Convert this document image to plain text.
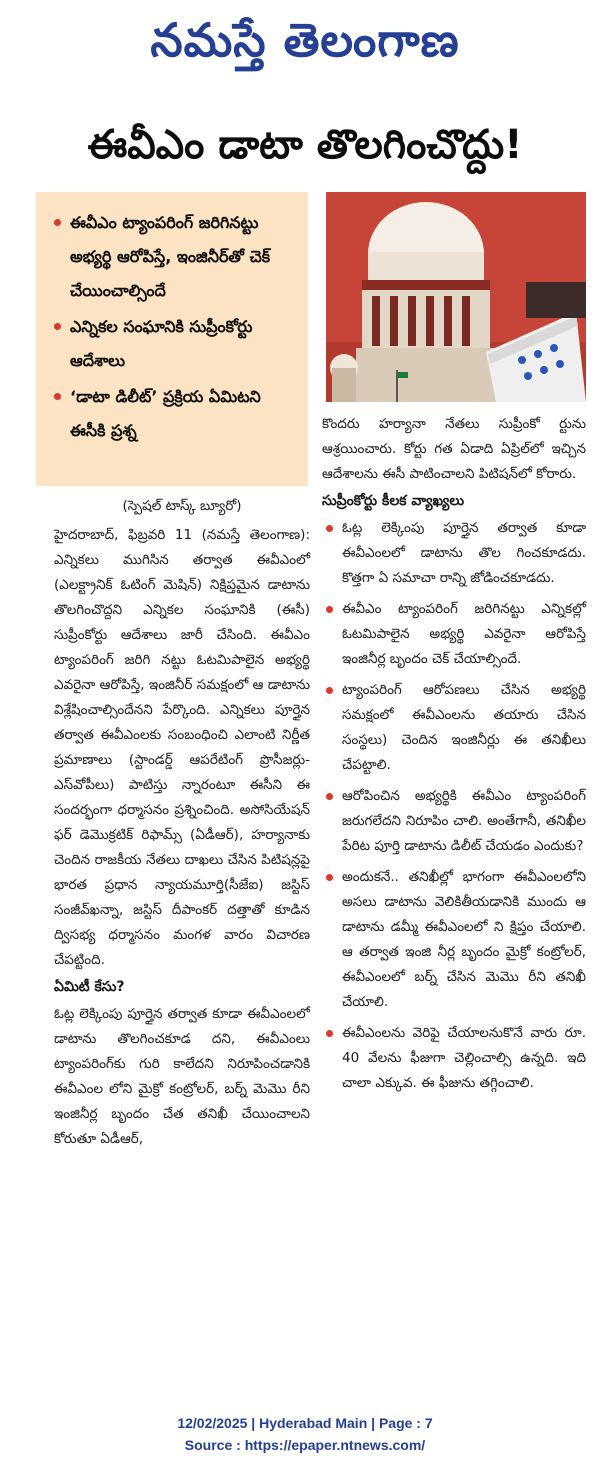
నమస్తే తెలంగాణ
ఈవీఎం డాటా తొలగించొద్దు!
ఈవీఎం ట్యాంపరింగ్ జరిగినట్టు అభ్యర్థి ఆరోపిస్తే, ఇంజినీర్‌తో చెక్ చేయించాల్సిందే
ఎన్నికల సంఘానికి సుప్రీంకోర్టు ఆదేశాలు
‘డాటా డిలీట్’ ప్రక్రియ ఏమిటని ఈసీకి ప్రశ్న

(స్పెషల్ టాస్క్ బ్యూరో)

హైదరాబాద్, ఫిబ్రవరి 11 (నమస్తే తెలంగాణ): ఎన్నికలు ముగిసిన తర్వాత ఈవీఎంలో (ఎలక్ట్రానిక్ ఓటింగ్ మెషిన్) నిక్షిప్తమైన డాటాను తొలగించొద్దని ఎన్నికల సంఘానికి (ఈసీ) సుప్రీంకోర్టు ఆదేశాలు జారీ చేసింది. ఈవీఎం ట్యాంపరింగ్ జరిగి నట్టు ఓటమిపాలైన అభ్యర్థి ఎవరైనా ఆరోపిస్తే, ఇంజినీర్ సమక్షంలో ఆ డాటాను విశ్లేషించాల్సిందేనని పేర్కొంది. ఎన్నికలు పూర్తైన తర్వాత ఈవీఎంలకు సంబంధించి ఎలాంటి నిర్ణీత ప్రమాణాలు (స్టాండర్డ్ ఆపరేటింగ్ ప్రొసీజర్లు-ఎస్‌వోపీలు) పాటిస్తు న్నారంటూ ఈసీని ఈ సందర్భంగా ధర్మాసనం ప్రశ్నించింది. అసోసియేషన్ ఫర్ డెమొక్రటిక్ రిఫామ్స్ (ఏడీఆర్), హర్యానాకు చెందిన రాజకీయ నేతలు దాఖలు చేసిన పిటిషన్లపై భారత ప్రధాన న్యాయమూర్తి(సీజేఐ) జస్టిస్ సంజీవ్‌ఖన్నా, జస్టిస్ దీపాంకర్ దత్తాతో కూడిన ద్విసభ్య ధర్మాసనం మంగళ వారం విచారణ చేపట్టింది.

ఏమిటీ కేసు?

ఓట్ల లెక్కింపు పూర్తైన తర్వాత కూడా ఈవీఎంలలో డాటాను తొలగించకూడ దని, ఈవీఎంలు ట్యాంపరింగ్‌కు గురి కాలేదని నిరూపించడానికి ఈవీఎంల లోని మైక్రో కంట్రోలర్, బర్న్ మెమొ రీని ఇంజినీర్ల బృందం చేత తనిఖీ చేయించాలని కోరుతూ ఏడీఆర్,

కొందరు హర్యానా నేతలు సుప్రీంకో ర్టును ఆశ్రయించారు. కోర్టు గత ఏడాది ఏప్రిల్‌లో ఇచ్చిన ఆదేశాలను ఈసీ పాటించాలని పిటిషన్‌లో కోరారు.

సుప్రీంకోర్టు కీలక వ్యాఖ్యలు

ఓట్ల లెక్కింపు పూర్తైన తర్వాత కూడా ఈవీఎంలలో డాటాను తొల గించకూడదు. కొత్తగా ఏ సమాచా రాన్ని జోడించకూడదు.
ఈవీఎం ట్యాంపరింగ్ జరిగినట్టు ఎన్నికల్లో ఓటమిపాలైన అభ్యర్థి ఎవరైనా ఆరోపిస్తే ఇంజినీర్ల బృందం చెక్ చేయాల్సిందే.
ట్యాంపరింగ్ ఆరోపణలు చేసిన అభ్యర్థి సమక్షంలో ఈవీఎంలను తయారు చేసిన సంస్థలు) చెందిన ఇంజినీర్లు ఈ తనిఖీలు చేపట్టాలి.
ఆరోపించిన అభ్యర్థికి ఈవీఎం ట్యాంపరింగ్ జరుగలేదని నిరూపిం చాలి. అంతేగానీ, తనిఖీల పేరిట పూర్తి డాటాను డిలీట్ చేయడం ఎందుకు?
అందుకనే.. తనిఖీల్లో భాగంగా ఈవీఎంలలోని అసలు డాటాను వెలికితీయడానికి ముందు ఆ డాటాను డమ్మీ ఈవీఎంలలో ని క్షిప్తం చేయాలి. ఆ తర్వాత ఇంజి నీర్ల బృందం మైక్రో కంట్రోలర్, ఈవీఎంలలో బర్న్ చేసిన మెమొ రీని తనిఖీ చేయాలి.
ఈవీఎంలను వెరిఫై చేయాలనుకొనే వారు రూ. 40 వేలను ఫీజుగా చెల్లించాల్సి ఉన్నది. ఇది చాలా ఎక్కువ. ఈ ఫీజును తగ్గించాలి.
12/02/2025 | Hyderabad Main | Page : 7
Source : https://epaper.ntnews.com/
